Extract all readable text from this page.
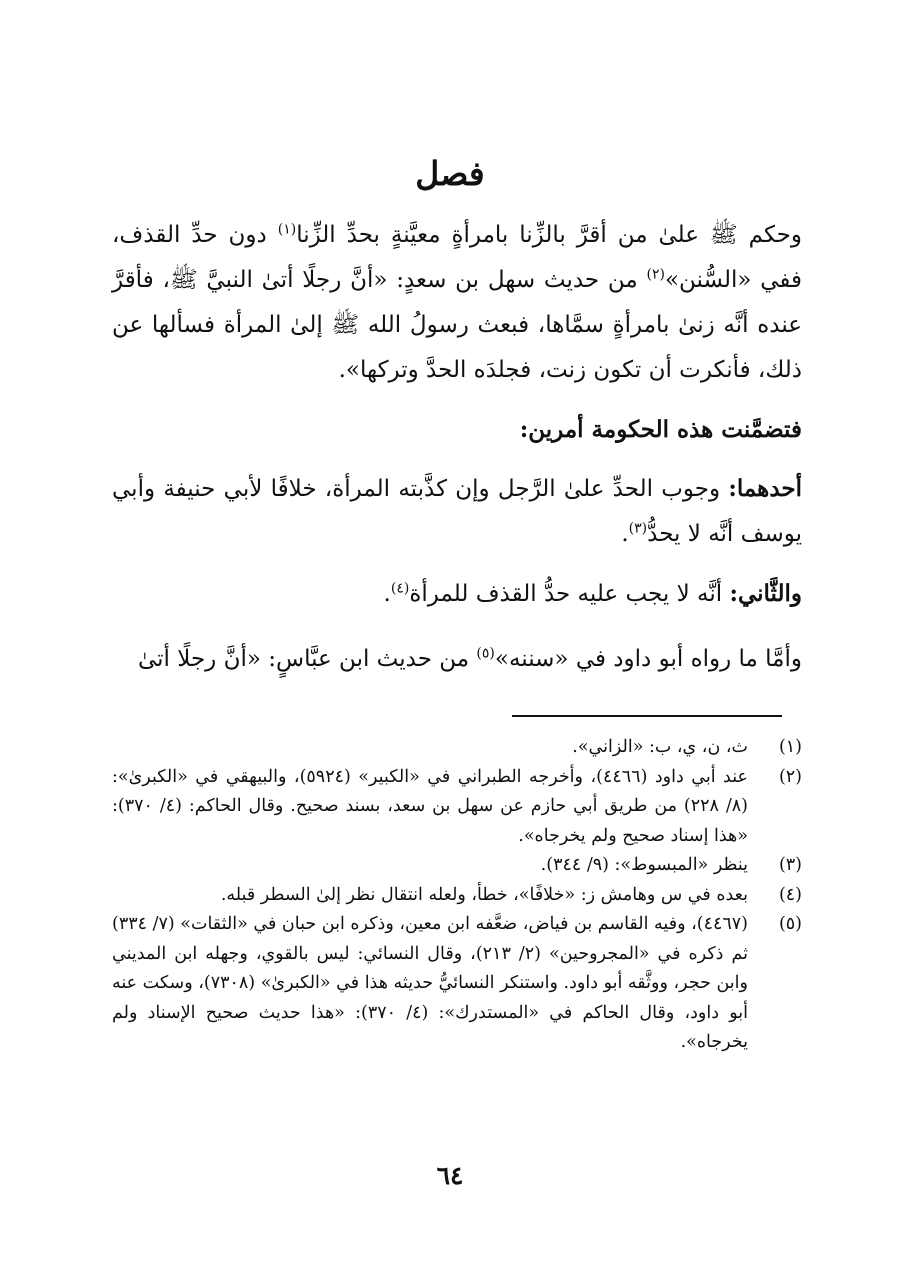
فصل

وحكم ﷺ علىٰ من أقرَّ بالزِّنا بامرأةٍ معيَّنةٍ بحدِّ الزِّنا$^{(١)}$ دون حدِّ القذف، ففي «السُّنن»$^{(٢)}$ من حديث سهل بن سعدٍ: «أنَّ رجلًا أتىٰ النبيَّ ﷺ، فأقرَّ عنده أنَّه زنىٰ بامرأةٍ سمَّاها، فبعث رسولُ الله ﷺ إلىٰ المرأة فسألها عن ذلك، فأنكرت أن تكون زنت، فجلدَه الحدَّ وتركها».

فتضمَّنت هذه الحكومة أمرين:

أحدهما: وجوب الحدِّ علىٰ الرَّجل وإن كذَّبته المرأة، خلافًا لأبي حنيفة وأبي يوسف أنَّه لا يحدُّ$^{(٣)}$.

والثَّاني: أنَّه لا يجب عليه حدُّ القذف للمرأة$^{(٤)}$.

وأمَّا ما رواه أبو داود في «سننه»$^{(٥)}$ من حديث ابن عبَّاسٍ: «أنَّ رجلًا أتىٰ

(١)
ث، ن، ي، ب: «الزاني».
(٢)
عند أبي داود (٤٤٦٦)، وأخرجه الطبراني في «الكبير» (٥٩٢٤)، والبيهقي في «الكبرىٰ»: (٨/ ٢٢٨) من طريق أبي حازم عن سهل بن سعد، بسند صحيح. وقال الحاكم: (٤/ ٣٧٠): «هذا إسناد صحيح ولم يخرجاه».
(٣)
ينظر «المبسوط»: (٩/ ٣٤٤).
(٤)
بعده في س وهامش ز: «خلافًا»، خطأ، ولعله انتقال نظر إلىٰ السطر قبله.
(٥)
(٤٤٦٧)، وفيه القاسم بن فياض، ضعَّفه ابن معين، وذكره ابن حبان في «الثقات» (٧/ ٣٣٤) ثم ذكره في «المجروحين» (٢/ ٢١٣)، وقال النسائي: ليس بالقوي، وجهله ابن المديني وابن حجر، ووثَّقه أبو داود. واستنكر النسائيُّ حديثه هذا في «الكبرىٰ» (٧٣٠٨)، وسكت عنه أبو داود، وقال الحاكم في «المستدرك»: (٤/ ٣٧٠): «هذا حديث صحيح الإسناد ولم يخرجاه».
٦٤
